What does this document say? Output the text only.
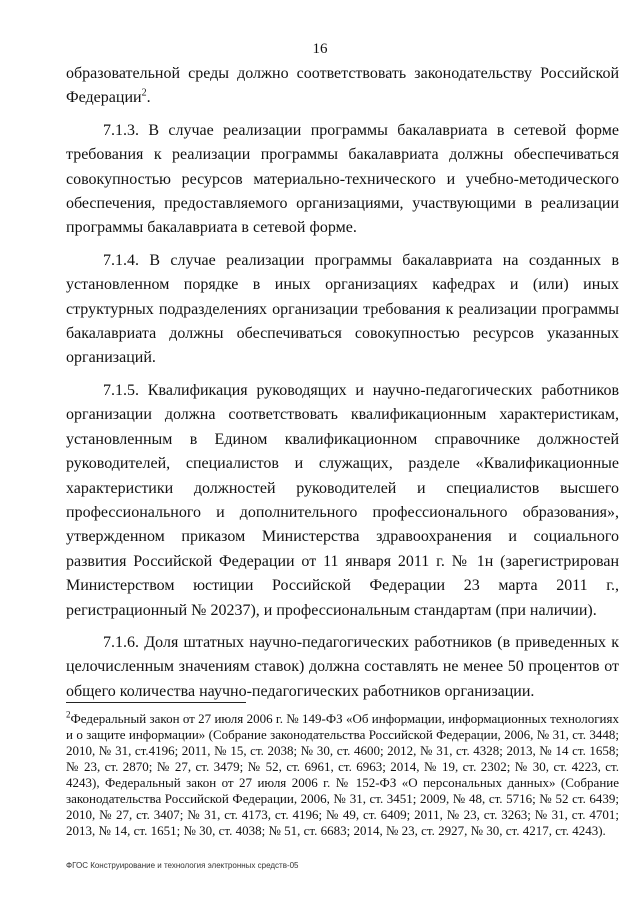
16

образовательной среды должно соответствовать законодательству Российской Федерации$^2$.

7.1.3. В случае реализации программы бакалавриата в сетевой форме требования к реализации программы бакалавриата должны обеспечиваться совокупностью ресурсов материально-технического и учебно-методического обеспечения, предоставляемого организациями, участвующими в реализации программы бакалавриата в сетевой форме.

7.1.4. В случае реализации программы бакалавриата на созданных в установленном порядке в иных организациях кафедрах и (или) иных структурных подразделениях организации требования к реализации программы бакалавриата должны обеспечиваться совокупностью ресурсов указанных организаций.

7.1.5. Квалификация руководящих и научно-педагогических работников организации должна соответствовать квалификационным характеристикам, установленным в Едином квалификационном справочнике должностей руководителей, специалистов и служащих, разделе «Квалификационные характеристики должностей руководителей и специалистов высшего профессионального и дополнительного профессионального образования», утвержденном приказом Министерства здравоохранения и социального развития Российской Федерации от 11 января 2011 г. № 1н (зарегистрирован Министерством юстиции Российской Федерации 23 марта 2011 г., регистрационный № 20237), и профессиональным стандартам (при наличии).

7.1.6. Доля штатных научно-педагогических работников (в приведенных к целочисленным значениям ставок) должна составлять не менее 50 процентов от общего количества научно-педагогических работников организации.

$^2$Федеральный закон от 27 июля 2006 г. № 149-ФЗ «Об информации, информационных технологиях и о защите информации» (Собрание законодательства Российской Федерации, 2006, № 31, ст. 3448; 2010, № 31, ст.4196; 2011, № 15, ст. 2038; № 30, ст. 4600; 2012, № 31, ст. 4328; 2013, № 14 ст. 1658; № 23, ст. 2870; № 27, ст. 3479; № 52, ст. 6961, ст. 6963; 2014, № 19, ст. 2302; № 30, ст. 4223, ст. 4243), Федеральный закон от 27 июля 2006 г. № 152-ФЗ «О персональных данных» (Собрание законодательства Российской Федерации, 2006, № 31, ст. 3451; 2009, № 48, ст. 5716; № 52 ст. 6439; 2010, № 27, ст. 3407; № 31, ст. 4173, ст. 4196; № 49, ст. 6409; 2011, № 23, ст. 3263; № 31, ст. 4701; 2013, № 14, ст. 1651; № 30, ст. 4038; № 51, ст. 6683; 2014, № 23, ст. 2927, № 30, ст. 4217, ст. 4243).
ФГОС Конструирование и технология электронных средств-05
